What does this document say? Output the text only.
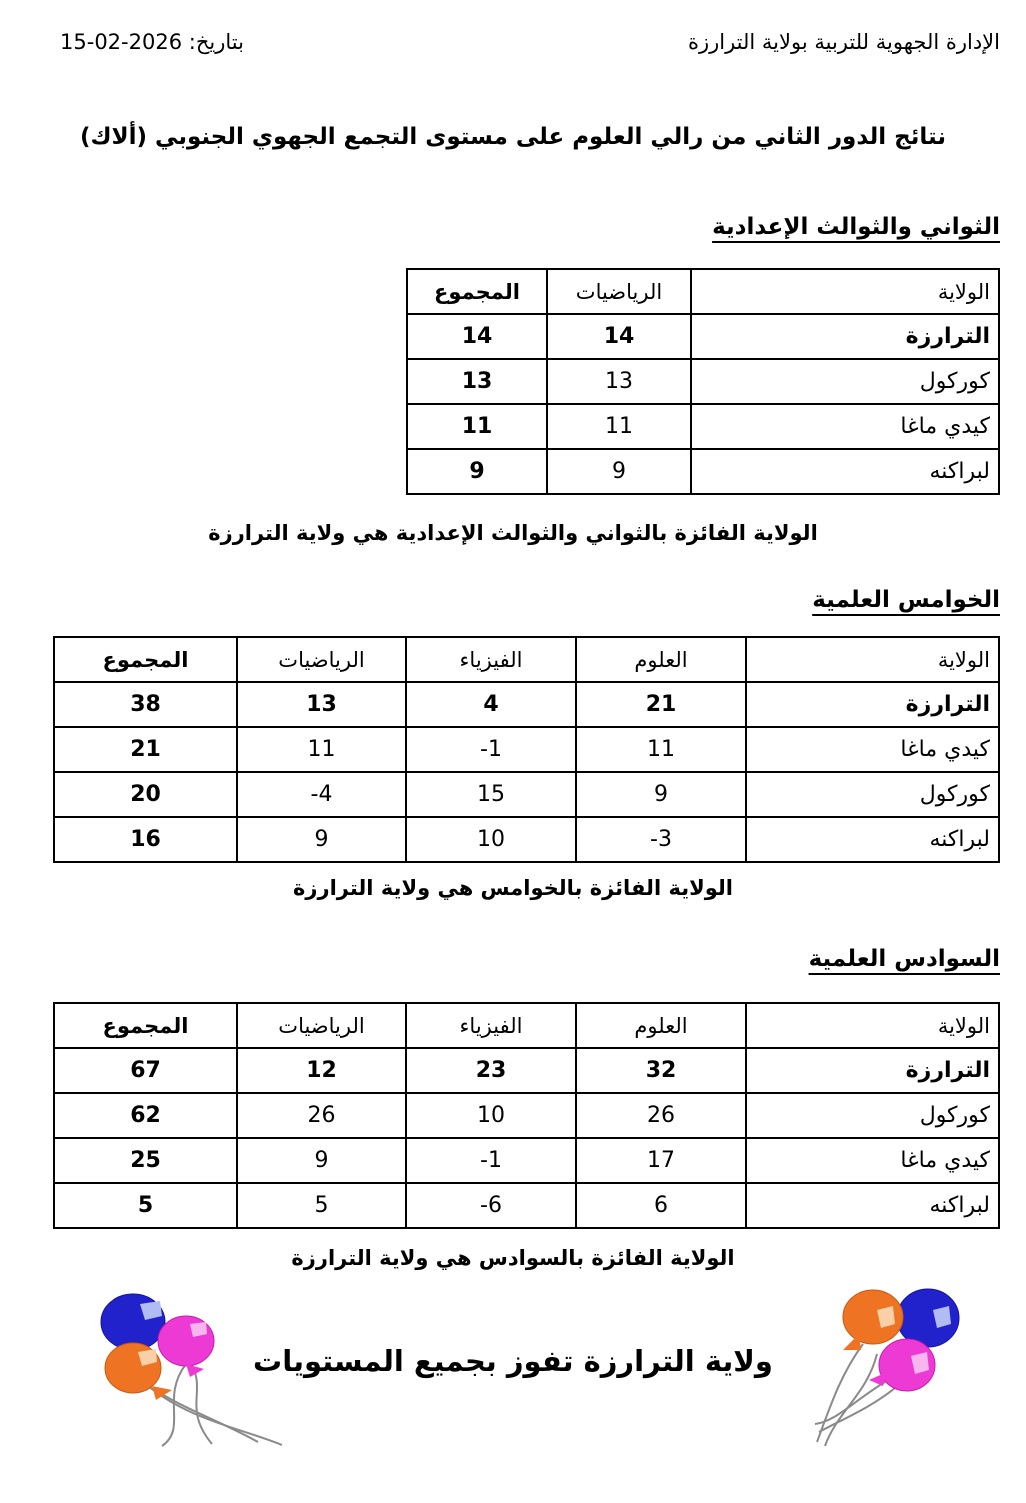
الإدارة الجهوية للتربية بولاية الترارزة
بتاريخ: 2026-02-15
نتائج الدور الثاني من رالي العلوم على مستوى التجمع الجهوي الجنوبي (ألاك)
الثواني والثوالث الإعدادية
الولاية	الرياضيات	المجموع
الترارزة	14	14
كوركول	13	13
كيدي ماغا	11	11
لبراكنه	9	9

الولاية الفائزة بالثواني والثوالث الإعدادية هي ولاية الترارزة

الخوامس العلمية
الولاية	العلوم	الفيزياء	الرياضيات	المجموع
الترارزة	21	4	13	38
كيدي ماغا	11	-1	11	21
كوركول	9	15	-4	20
لبراكنه	-3	10	9	16

الولاية الفائزة بالخوامس هي ولاية الترارزة

السوادس العلمية
الولاية	العلوم	الفيزياء	الرياضيات	المجموع
الترارزة	32	23	12	67
كوركول	26	10	26	62
كيدي ماغا	17	-1	9	25
لبراكنه	6	-6	5	5

الولاية الفائزة بالسوادس هي ولاية الترارزة

ولاية الترارزة تفوز بجميع المستويات
